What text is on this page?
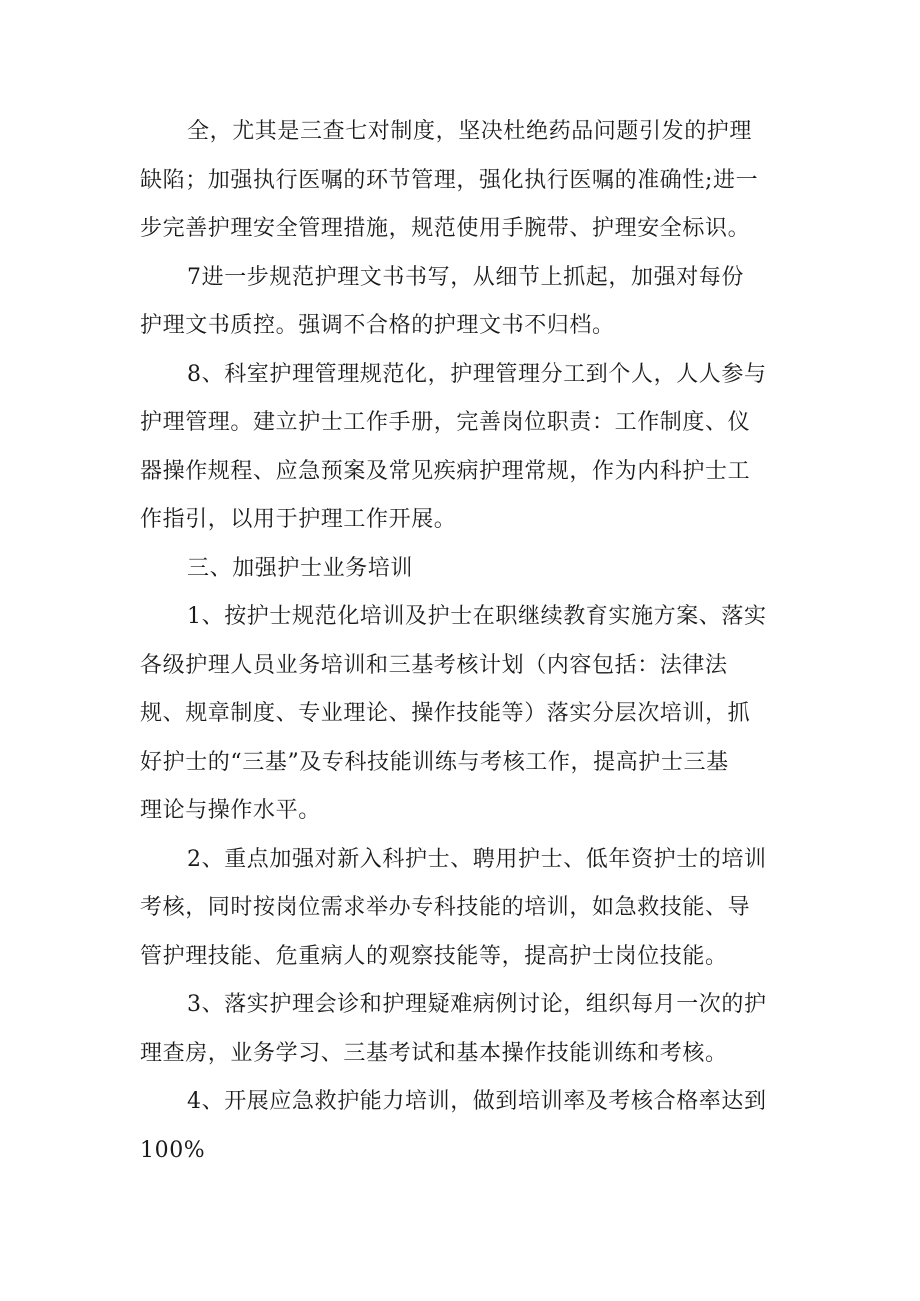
全，尤其是三查七对制度，坚决杜绝药品问题引发的护理
缺陷；加强执行医嘱的环节管理，强化执行医嘱的准确性;进一
步完善护理安全管理措施，规范使用手腕带、护理安全标识。
7进一步规范护理文书书写，从细节上抓起，加强对每份
护理文书质控。强调不合格的护理文书不归档。
8、科室护理管理规范化，护理管理分工到个人，人人参与
护理管理。建立护士工作手册，完善岗位职责：工作制度、仪
器操作规程、应急预案及常见疾病护理常规，作为内科护士工
作指引，以用于护理工作开展。
三、加强护士业务培训
1、按护士规范化培训及护士在职继续教育实施方案、落实
各级护理人员业务培训和三基考核计划（内容包括：法律法
规、规章制度、专业理论、操作技能等）落实分层次培训，抓
好护士的“三基”及专科技能训练与考核工作，提高护士三基
理论与操作水平。
2、重点加强对新入科护士、聘用护士、低年资护士的培训
考核，同时按岗位需求举办专科技能的培训，如急救技能、导
管护理技能、危重病人的观察技能等，提高护士岗位技能。
3、落实护理会诊和护理疑难病例讨论，组织每月一次的护
理查房，业务学习、三基考试和基本操作技能训练和考核。
4、开展应急救护能力培训，做到培训率及考核合格率达到
100%
